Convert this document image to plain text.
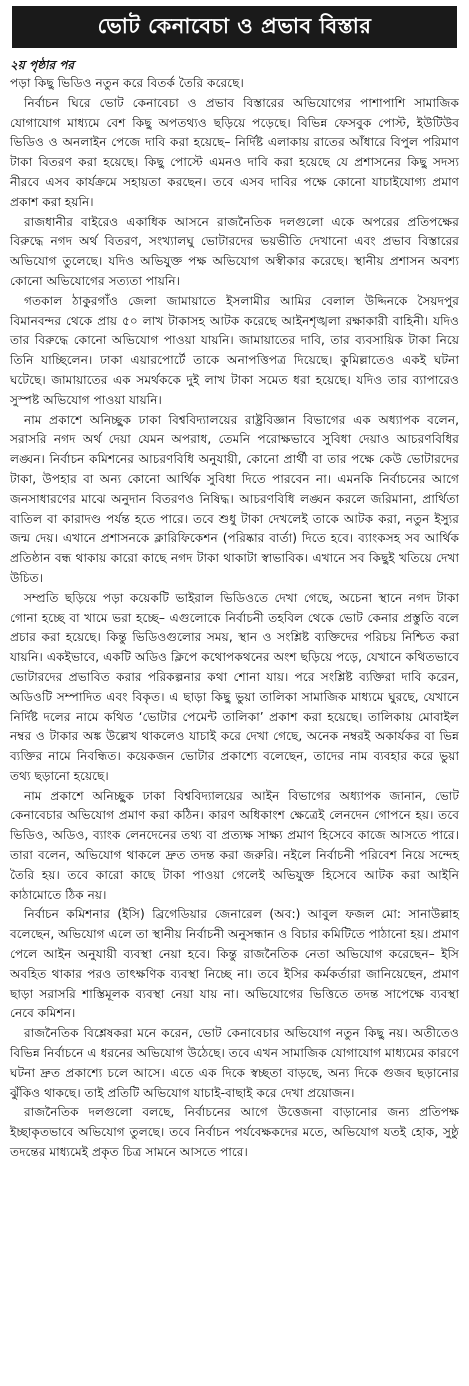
ভোট কেনাবেচা ও প্রভাব বিস্তার
২য় পৃষ্ঠার পর

পড়া কিছু ভিডিও নতুন করে বিতর্ক তৈরি করেছে।

নির্বাচন ঘিরে ভোট কেনাবেচা ও প্রভাব বিস্তারের অভিযোগের পাশাপাশি সামাজিক যোগাযোগ মাধ্যমে বেশ কিছু অপতথ্যও ছড়িয়ে পড়েছে। বিভিন্ন ফেসবুক পোস্ট, ইউটিউব ভিডিও ও অনলাইন পেজে দাবি করা হয়েছে– নির্দিষ্ট এলাকায় রাতের আঁধারে বিপুল পরিমাণ টাকা বিতরণ করা হয়েছে। কিছু পোস্টে এমনও দাবি করা হয়েছে যে প্রশাসনের কিছু সদস্য নীরবে এসব কার্যক্রমে সহায়তা করছেন। তবে এসব দাবির পক্ষে কোনো যাচাইযোগ্য প্রমাণ প্রকাশ করা হয়নি।

রাজধানীর বাইরেও একাধিক আসনে রাজনৈতিক দলগুলো একে অপরের প্রতিপক্ষের বিরুদ্ধে নগদ অর্থ বিতরণ, সংখ্যালঘু ভোটারদের ভয়ভীতি দেখানো এবং প্রভাব বিস্তারের অভিযোগ তুলেছে। যদিও অভিযুক্ত পক্ষ অভিযোগ অস্বীকার করেছে। স্থানীয় প্রশাসন অবশ্য কোনো অভিযোগের সত্যতা পায়নি।

গতকাল ঠাকুরগাঁও জেলা জামায়াতে ইসলামীর আমির বেলাল উদ্দিনকে সৈয়দপুর বিমানবন্দর থেকে প্রায় ৫০ লাখ টাকাসহ আটক করেছে আইনশৃঙ্খলা রক্ষাকারী বাহিনী। যদিও তার বিরুদ্ধে কোনো অভিযোগ পাওয়া যায়নি। জামায়াতের দাবি, তার ব্যবসায়িক টাকা নিয়ে তিনি যাচ্ছিলেন। ঢাকা এয়ারপোর্টে তাকে অনাপত্তিপত্র দিয়েছে। কুমিল্লাতেও একই ঘটনা ঘটেছে। জামায়াতের এক সমর্থককে দুই লাখ টাকা সমেত ধরা হয়েছে। যদিও তার ব্যাপারেও সুস্পষ্ট অভিযোগ পাওয়া যায়নি।

নাম প্রকাশে অনিচ্ছুক ঢাকা বিশ্ববিদ্যালয়ের রাষ্ট্রবিজ্ঞান বিভাগের এক অধ্যাপক বলেন, সরাসরি নগদ অর্থ দেয়া যেমন অপরাধ, তেমনি পরোক্ষভাবে সুবিধা দেয়াও আচরণবিধির লঙ্ঘন। নির্বাচন কমিশনের আচরণবিধি অনুযায়ী, কোনো প্রার্থী বা তার পক্ষে কেউ ভোটারদের টাকা, উপহার বা অন্য কোনো আর্থিক সুবিধা দিতে পারবেন না। এমনকি নির্বাচনের আগে জনসাধারণের মাঝে অনুদান বিতরণও নিষিদ্ধ। আচরণবিধি লঙ্ঘন করলে জরিমানা, প্রার্থিতা বাতিল বা কারাদণ্ড পর্যন্ত হতে পারে। তবে শুধু টাকা দেখলেই তাকে আটক করা, নতুন ইস্যুর জন্ম দেয়। এখানে প্রশাসনকে ক্লারিফিকেশন (পরিষ্কার বার্তা) দিতে হবে। ব্যাংকসহ সব আর্থিক প্রতিষ্ঠান বন্ধ থাকায় কারো কাছে নগদ টাকা থাকাটা স্বাভাবিক। এখানে সব কিছুই খতিয়ে দেখা উচিত।

সম্প্রতি ছড়িয়ে পড়া কয়েকটি ভাইরাল ভিডিওতে দেখা গেছে, অচেনা স্থানে নগদ টাকা গোনা হচ্ছে বা খামে ভরা হচ্ছে– এগুলোকে নির্বাচনী তহবিল থেকে ভোট কেনার প্রস্তুতি বলে প্রচার করা হয়েছে। কিন্তু ভিডিওগুলোর সময়, স্থান ও সংশ্লিষ্ট ব্যক্তিদের পরিচয় নিশ্চিত করা যায়নি। একইভাবে, একটি অডিও ক্লিপে কথোপকথনের অংশ ছড়িয়ে পড়ে, যেখানে কথিতভাবে ভোটারদের প্রভাবিত করার পরিকল্পনার কথা শোনা যায়। পরে সংশ্লিষ্ট ব্যক্তিরা দাবি করেন, অডিওটি সম্পাদিত এবং বিকৃত। এ ছাড়া কিছু ভুয়া তালিকা সামাজিক মাধ্যমে ঘুরছে, যেখানে নির্দিষ্ট দলের নামে কথিত ‘ভোটার পেমেন্ট তালিকা’ প্রকাশ করা হয়েছে। তালিকায় মোবাইল নম্বর ও টাকার অঙ্ক উল্লেখ থাকলেও যাচাই করে দেখা গেছে, অনেক নম্বরই অকার্যকর বা ভিন্ন ব্যক্তির নামে নিবন্ধিত। কয়েকজন ভোটার প্রকাশ্যে বলেছেন, তাদের নাম ব্যবহার করে ভুয়া তথ্য ছড়ানো হয়েছে।

নাম প্রকাশে অনিচ্ছুক ঢাকা বিশ্ববিদ্যালয়ের আইন বিভাগের অধ্যাপক জানান, ভোট কেনাবেচার অভিযোগ প্রমাণ করা কঠিন। কারণ অধিকাংশ ক্ষেত্রেই লেনদেন গোপনে হয়। তবে ভিডিও, অডিও, ব্যাংক লেনদেনের তথ্য বা প্রত্যক্ষ সাক্ষ্য প্রমাণ হিসেবে কাজে আসতে পারে। তারা বলেন, অভিযোগ থাকলে দ্রুত তদন্ত করা জরুরি। নইলে নির্বাচনী পরিবেশ নিয়ে সন্দেহ তৈরি হয়। তবে কারো কাছে টাকা পাওয়া গেলেই অভিযুক্ত হিসেবে আটক করা আইনি কাঠামোতে ঠিক নয়।

নির্বাচন কমিশনার (ইসি) ব্রিগেডিয়ার জেনারেল (অব:) আবুল ফজল মো: সানাউল্লাহ বলেছেন, অভিযোগ এলে তা স্থানীয় নির্বাচনী অনুসন্ধান ও বিচার কমিটিতে পাঠানো হয়। প্রমাণ পেলে আইন অনুযায়ী ব্যবস্থা নেয়া হবে। কিন্তু রাজনৈতিক নেতা অভিযোগ করেছেন– ইসি অবহিত থাকার পরও তাৎক্ষণিক ব্যবস্থা নিচ্ছে না। তবে ইসির কর্মকর্তারা জানিয়েছেন, প্রমাণ ছাড়া সরাসরি শাস্তিমূলক ব্যবস্থা নেয়া যায় না। অভিযোগের ভিত্তিতে তদন্ত সাপেক্ষে ব্যবস্থা নেবে কমিশন।

রাজনৈতিক বিশ্লেষকরা মনে করেন, ভোট কেনাবেচার অভিযোগ নতুন কিছু নয়। অতীতেও বিভিন্ন নির্বাচনে এ ধরনের অভিযোগ উঠেছে। তবে এখন সামাজিক যোগাযোগ মাধ্যমের কারণে ঘটনা দ্রুত প্রকাশ্যে চলে আসে। এতে এক দিকে স্বচ্ছতা বাড়ছে, অন্য দিকে গুজব ছড়ানোর ঝুঁকিও থাকছে। তাই প্রতিটি অভিযোগ যাচাই-বাছাই করে দেখা প্রয়োজন।

রাজনৈতিক দলগুলো বলছে, নির্বাচনের আগে উত্তেজনা বাড়ানোর জন্য প্রতিপক্ষ ইচ্ছাকৃতভাবে অভিযোগ তুলছে। তবে নির্বাচন পর্যবেক্ষকদের মতে, অভিযোগ যতই হোক, সুষ্ঠু তদন্তের মাধ্যমেই প্রকৃত চিত্র সামনে আসতে পারে।
